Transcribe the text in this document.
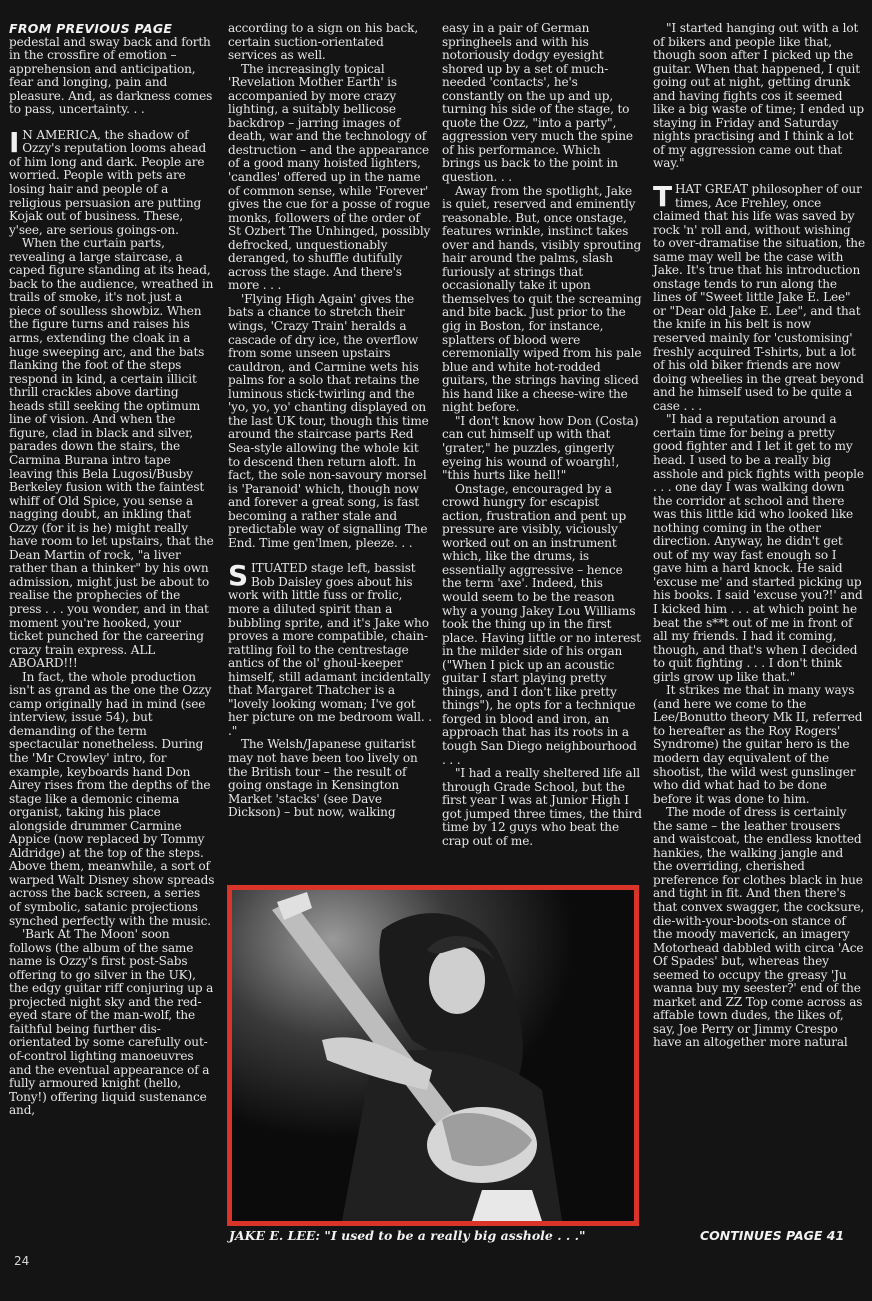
FROM PREVIOUS PAGE

pedestal and sway back and forth in the crossfire of emotion – apprehension and anticipation, fear and longing, pain and pleasure. And, as darkness comes to pass, uncertainty. . .

I N AMERICA, the shadow of Ozzy's reputation looms ahead of him long and dark. People are worried. People with pets are losing hair and people of a religious persuasion are putting Kojak out of business. These, y'see, are serious goings-on.

When the curtain parts, revealing a large staircase, a caped figure standing at its head, back to the audience, wreathed in trails of smoke, it's not just a piece of soulless showbiz. When the figure turns and raises his arms, extending the cloak in a huge sweeping arc, and the bats flanking the foot of the steps respond in kind, a certain illicit thrill crackles above darting heads still seeking the optimum line of vision. And when the figure, clad in black and silver, parades down the stairs, the Carmina Burana intro tape leaving this Bela Lugosi/Busby Berkeley fusion with the faintest whiff of Old Spice, you sense a nagging doubt, an inkling that Ozzy (for it is he) might really have room to let upstairs, that the Dean Martin of rock, "a liver rather than a thinker" by his own admission, might just be about to realise the prophecies of the press . . . you wonder, and in that moment you're hooked, your ticket punched for the careering crazy train express. ALL ABOARD!!!

In fact, the whole production isn't as grand as the one the Ozzy camp originally had in mind (see interview, issue 54), but demanding of the term spectacular nonetheless. During the 'Mr Crowley' intro, for example, keyboards hand Don Airey rises from the depths of the stage like a demonic cinema organist, taking his place alongside drummer Carmine Appice (now replaced by Tommy Aldridge) at the top of the steps. Above them, meanwhile, a sort of warped Walt Disney show spreads across the back screen, a series of symbolic, satanic projections synched perfectly with the music.

'Bark At The Moon' soon follows (the album of the same name is Ozzy's first post-Sabs offering to go silver in the UK), the edgy guitar riff conjuring up a projected night sky and the red-eyed stare of the man-wolf, the faithful being further dis-orientated by some carefully out-of-control lighting manoeuvres and the eventual appearance of a fully armoured knight (hello, Tony!) offering liquid sustenance and,

according to a sign on his back, certain suction-orientated services as well.

The increasingly topical 'Revelation Mother Earth' is accompanied by more crazy lighting, a suitably bellicose backdrop – jarring images of death, war and the technology of destruction – and the appearance of a good many hoisted lighters, 'candles' offered up in the name of common sense, while 'Forever' gives the cue for a posse of rogue monks, followers of the order of St Ozbert The Unhinged, possibly defrocked, unquestionably deranged, to shuffle dutifully across the stage. And there's more . . .

'Flying High Again' gives the bats a chance to stretch their wings, 'Crazy Train' heralds a cascade of dry ice, the overflow from some unseen upstairs cauldron, and Carmine wets his palms for a solo that retains the luminous stick-twirling and the 'yo, yo, yo' chanting displayed on the last UK tour, though this time around the staircase parts Red Sea-style allowing the whole kit to descend then return aloft. In fact, the sole non-savoury morsel is 'Paranoid' which, though now and forever a great song, is fast becoming a rather stale and predictable way of signalling The End. Time gen'lmen, pleeze. . .

SITUATED stage left, bassist Bob Daisley goes about his work with little fuss or frolic, more a diluted spirit than a bubbling sprite, and it's Jake who proves a more compatible, chain-rattling foil to the centrestage antics of the ol' ghoul-keeper himself, still adamant incidentally that Margaret Thatcher is a "lovely looking woman; I've got her picture on me bedroom wall. . ."

The Welsh/Japanese guitarist may not have been too lively on the British tour – the result of going onstage in Kensington Market 'stacks' (see Dave Dickson) – but now, walking

easy in a pair of German springheels and with his notoriously dodgy eyesight shored up by a set of much-needed 'contacts', he's constantly on the up and up, turning his side of the stage, to quote the Ozz, "into a party", aggression very much the spine of his performance. Which brings us back to the point in question. . .

Away from the spotlight, Jake is quiet, reserved and eminently reasonable. But, once onstage, features wrinkle, instinct takes over and hands, visibly sprouting hair around the palms, slash furiously at strings that occasionally take it upon themselves to quit the screaming and bite back. Just prior to the gig in Boston, for instance, splatters of blood were ceremonially wiped from his pale blue and white hot-rodded guitars, the strings having sliced his hand like a cheese-wire the night before.

"I don't know how Don (Costa) can cut himself up with that 'grater," he puzzles, gingerly eyeing his wound of woargh!, "this hurts like hell!"

Onstage, encouraged by a crowd hungry for escapist action, frustration and pent up pressure are visibly, viciously worked out on an instrument which, like the drums, is essentially aggressive – hence the term 'axe'. Indeed, this would seem to be the reason why a young Jakey Lou Williams took the thing up in the first place. Having little or no interest in the milder side of his organ ("When I pick up an acoustic guitar I start playing pretty things, and I don't like pretty things"), he opts for a technique forged in blood and iron, an approach that has its roots in a tough San Diego neighbourhood . . .

"I had a really sheltered life all through Grade School, but the first year I was at Junior High I got jumped three times, the third time by 12 guys who beat the crap out of me.

"I started hanging out with a lot of bikers and people like that, though soon after I picked up the guitar. When that happened, I quit going out at night, getting drunk and having fights cos it seemed like a big waste of time; I ended up staying in Friday and Saturday nights practising and I think a lot of my aggression came out that way."

THAT GREAT philosopher of our times, Ace Frehley, once claimed that his life was saved by rock 'n' roll and, without wishing to over-dramatise the situation, the same may well be the case with Jake. It's true that his introduction onstage tends to run along the lines of "Sweet little Jake E. Lee" or "Dear old Jake E. Lee", and that the knife in his belt is now reserved mainly for 'customising' freshly acquired T-shirts, but a lot of his old biker friends are now doing wheelies in the great beyond and he himself used to be quite a case . . .

"I had a reputation around a certain time for being a pretty good fighter and I let it get to my head. I used to be a really big asshole and pick fights with people . . . one day I was walking down the corridor at school and there was this little kid who looked like nothing coming in the other direction. Anyway, he didn't get out of my way fast enough so I gave him a hard knock. He said 'excuse me' and started picking up his books. I said 'excuse you?!' and I kicked him . . . at which point he beat the s**t out of me in front of all my friends. I had it coming, though, and that's when I decided to quit fighting . . . I don't think girls grow up like that."

It strikes me that in many ways (and here we come to the Lee/Bonutto theory Mk II, referred to hereafter as the Roy Rogers' Syndrome) the guitar hero is the modern day equivalent of the shootist, the wild west gunslinger who did what had to be done before it was done to him.

The mode of dress is certainly the same – the leather trousers and waistcoat, the endless knotted hankies, the walking jangle and the overriding, cherished preference for clothes black in hue and tight in fit. And then there's that convex swagger, the cocksure, die-with-your-boots-on stance of the moody maverick, an imagery Motorhead dabbled with circa 'Ace Of Spades' but, whereas they seemed to occupy the greasy 'Ju wanna buy my seester?' end of the market and ZZ Top come across as affable town dudes, the likes of, say, Joe Perry or Jimmy Crespo have an altogether more natural

JAKE E. LEE: "I used to be a really big asshole . . ."	CONTINUES PAGE 41
24
